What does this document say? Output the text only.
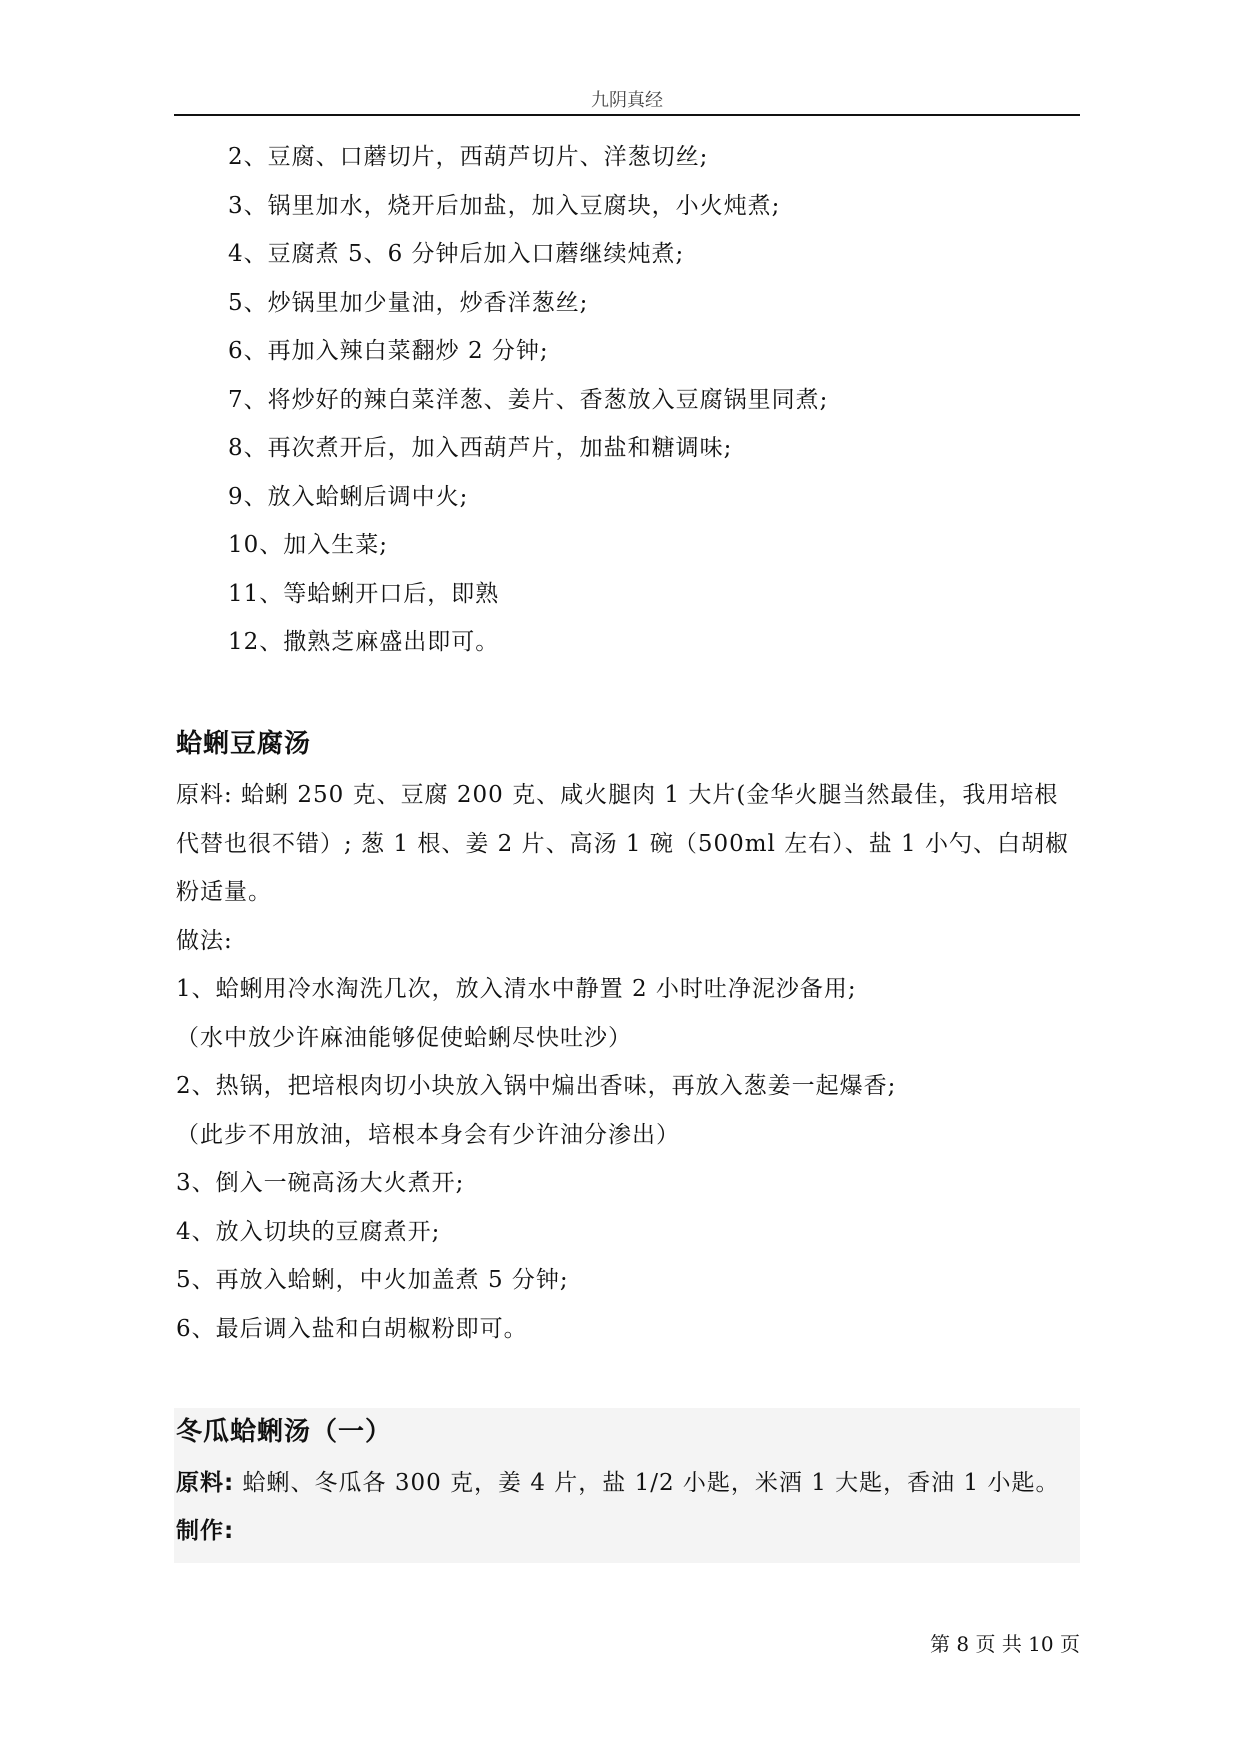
九阴真经
2、豆腐、口蘑切片，西葫芦切片、洋葱切丝;
3、锅里加水，烧开后加盐，加入豆腐块，小火炖煮;
4、豆腐煮 5、6 分钟后加入口蘑继续炖煮;
5、炒锅里加少量油，炒香洋葱丝;
6、再加入辣白菜翻炒 2 分钟;
7、将炒好的辣白菜洋葱、姜片、香葱放入豆腐锅里同煮;
8、再次煮开后，加入西葫芦片，加盐和糖调味;
9、放入蛤蜊后调中火;
10、加入生菜;
11、等蛤蜊开口后，即熟
12、撒熟芝麻盛出即可。
蛤蜊豆腐汤
原料: 蛤蜊 250 克、豆腐 200 克、咸火腿肉 1 大片(金华火腿当然最佳，我用培根
代替也很不错）; 葱 1 根、姜 2 片、高汤 1 碗（500ml 左右）、盐 1 小勺、白胡椒
粉适量。
做法:
1、蛤蜊用冷水淘洗几次，放入清水中静置 2 小时吐净泥沙备用;
（水中放少许麻油能够促使蛤蜊尽快吐沙）
2、热锅，把培根肉切小块放入锅中煸出香味，再放入葱姜一起爆香;
（此步不用放油，培根本身会有少许油分渗出）
3、倒入一碗高汤大火煮开;
4、放入切块的豆腐煮开;
5、再放入蛤蜊，中火加盖煮 5 分钟;
6、最后调入盐和白胡椒粉即可。
冬瓜蛤蜊汤（一）
原料: 蛤蜊、冬瓜各 300 克，姜 4 片，盐 1/2 小匙，米酒 1 大匙，香油 1 小匙。
制作:
第 8 页 共 10 页
